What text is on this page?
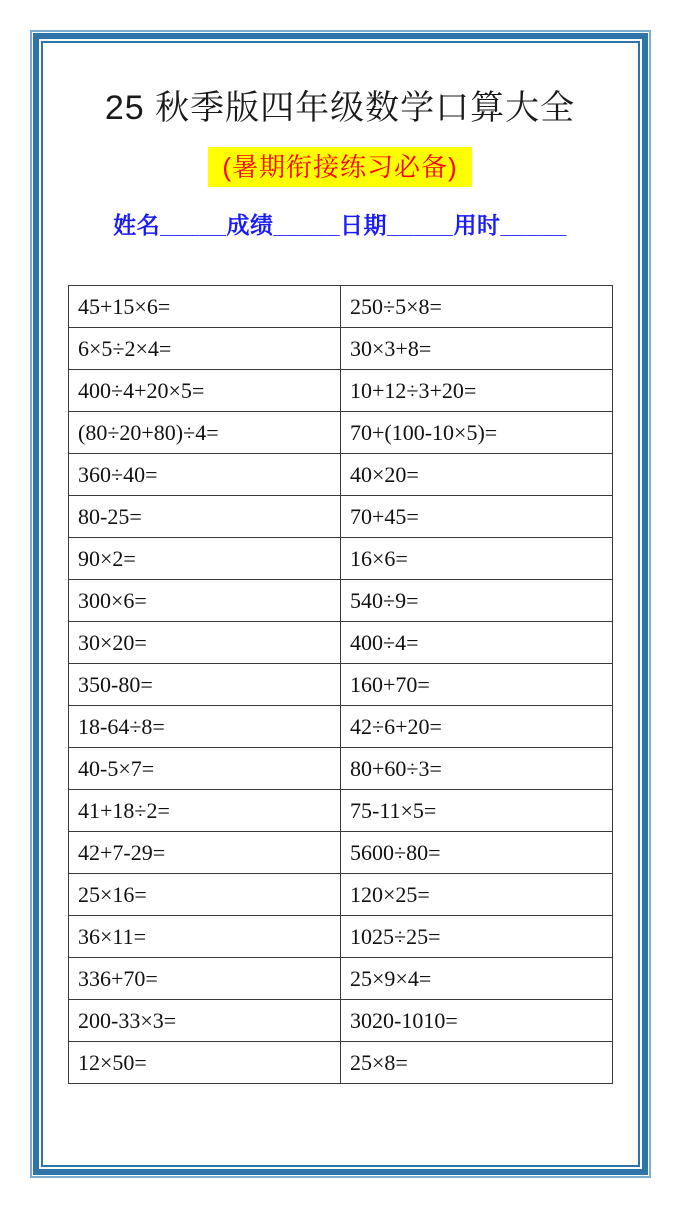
25 秋季版四年级数学口算大全
(暑期衔接练习必备)
姓名_____成绩_____日期_____用时_____
45+15×6=	250÷5×8=
6×5÷2×4=	30×3+8=
400÷4+20×5=	10+12÷3+20=
(80÷20+80)÷4=	70+(100-10×5)=
360÷40=	40×20=
80-25=	70+45=
90×2=	16×6=
300×6=	540÷9=
30×20=	400÷4=
350-80=	160+70=
18-64÷8=	42÷6+20=
40-5×7=	80+60÷3=
41+18÷2=	75-11×5=
42+7-29=	5600÷80=
25×16=	120×25=
36×11=	1025÷25=
336+70=	25×9×4=
200-33×3=	3020-1010=
12×50=	25×8=
